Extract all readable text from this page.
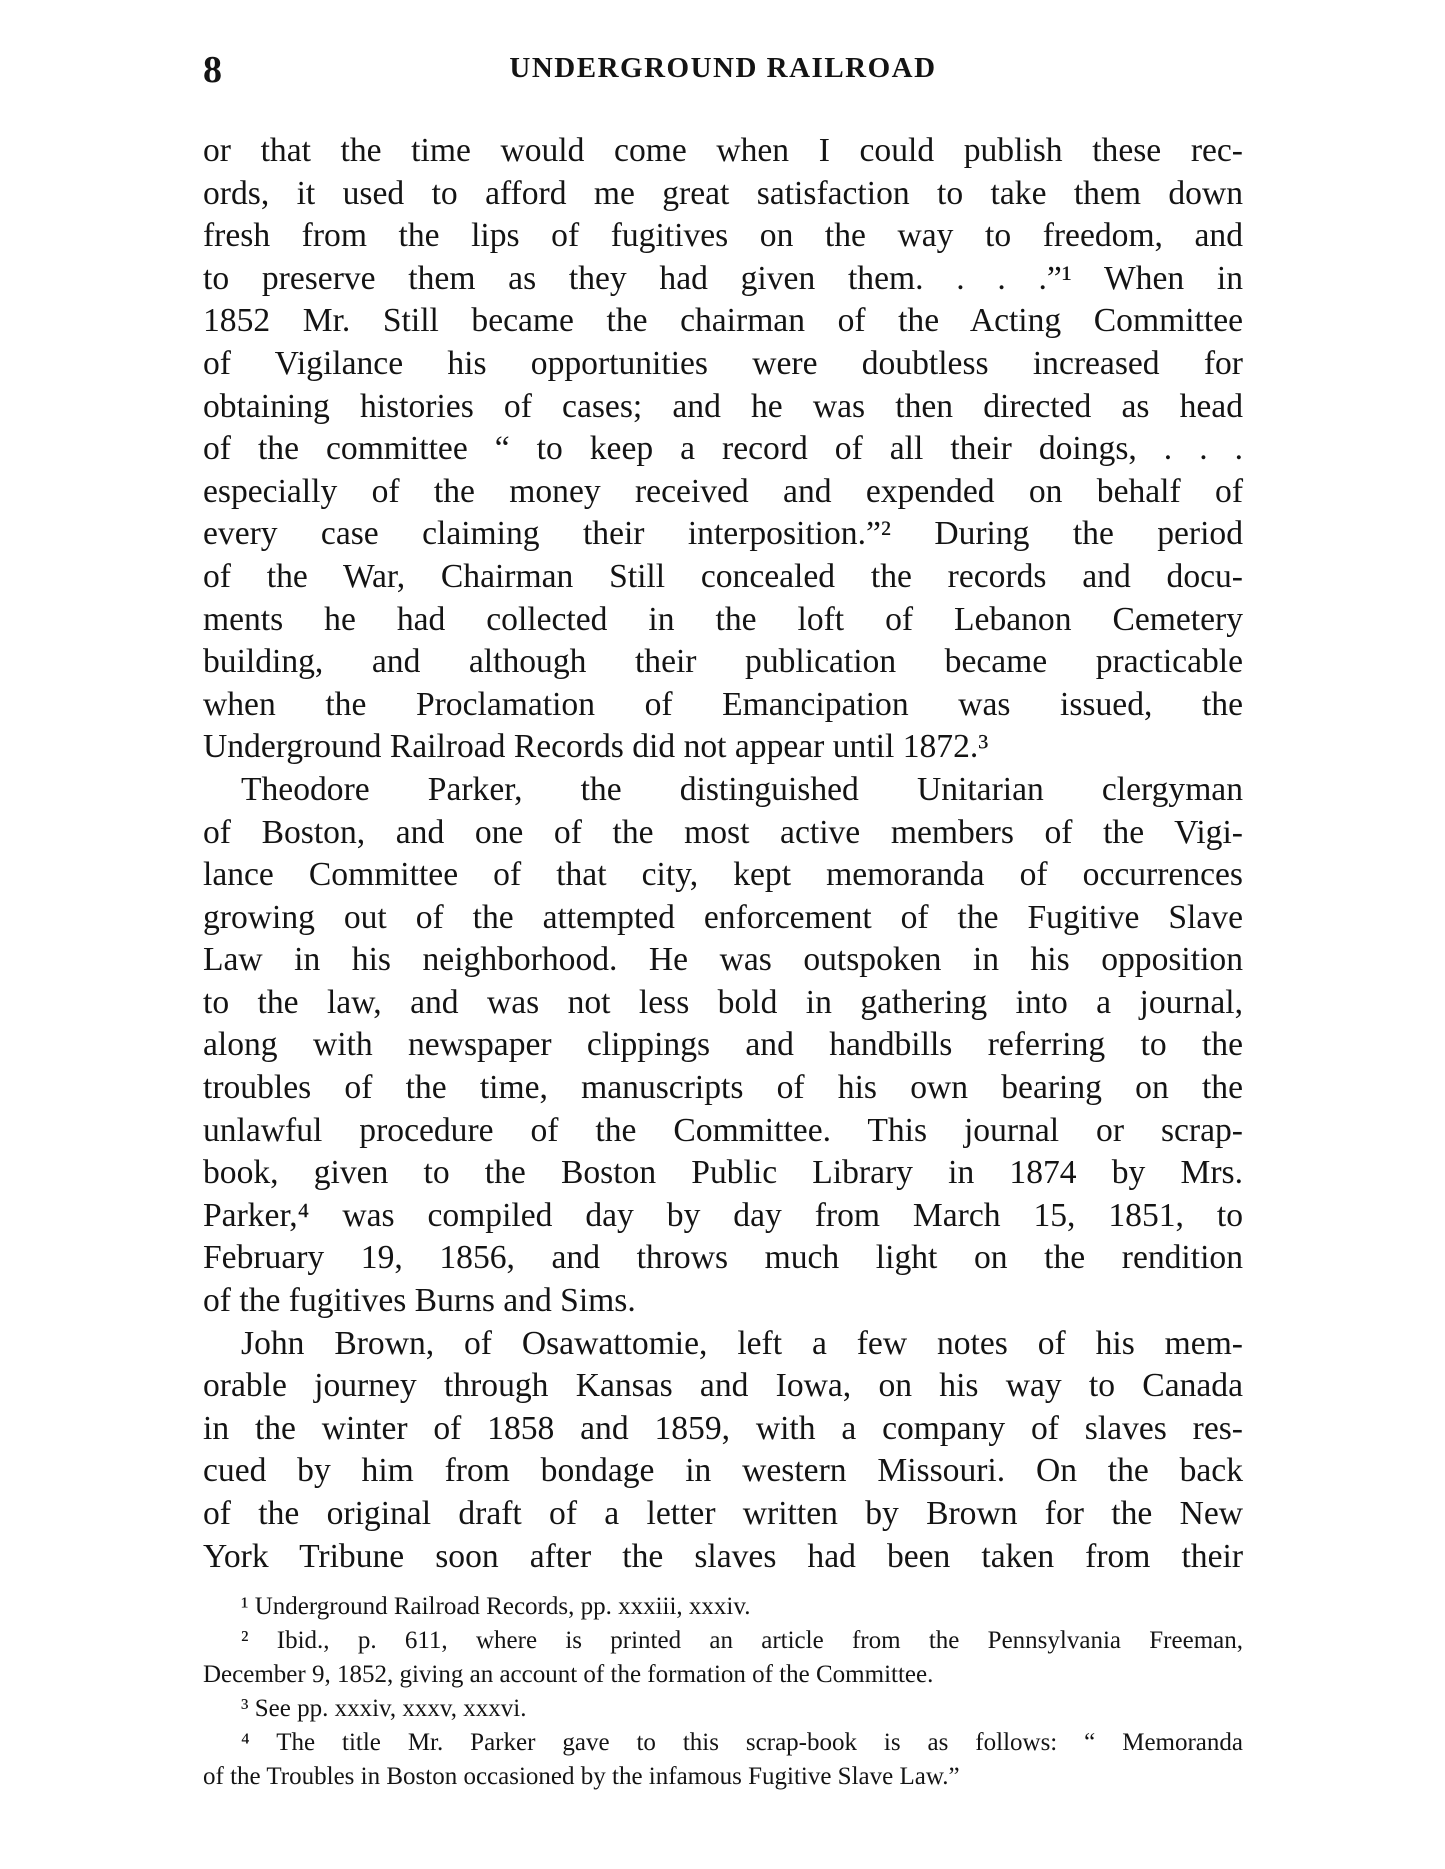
8	UNDERGROUND RAILROAD
or that the time would come when I could publish these rec-
ords, it used to afford me great satisfaction to take them down
fresh from the lips of fugitives on the way to freedom, and
to preserve them as they had given them. . . .”¹ When in
1852 Mr. Still became the chairman of the Acting Committee
of Vigilance his opportunities were doubtless increased for
obtaining histories of cases; and he was then directed as head
of the committee “ to keep a record of all their doings, . . .
especially of the money received and expended on behalf of
every case claiming their interposition.”² During the period
of the War, Chairman Still concealed the records and docu-
ments he had collected in the loft of Lebanon Cemetery
building, and although their publication became practicable
when the Proclamation of Emancipation was issued, the
Underground Railroad Records did not appear until 1872.³
Theodore Parker, the distinguished Unitarian clergyman
of Boston, and one of the most active members of the Vigi-
lance Committee of that city, kept memoranda of occurrences
growing out of the attempted enforcement of the Fugitive Slave
Law in his neighborhood. He was outspoken in his opposition
to the law, and was not less bold in gathering into a journal,
along with newspaper clippings and handbills referring to the
troubles of the time, manuscripts of his own bearing on the
unlawful procedure of the Committee. This journal or scrap-
book, given to the Boston Public Library in 1874 by Mrs.
Parker,⁴ was compiled day by day from March 15, 1851, to
February 19, 1856, and throws much light on the rendition
of the fugitives Burns and Sims.
John Brown, of Osawattomie, left a few notes of his mem-
orable journey through Kansas and Iowa, on his way to Canada
in the winter of 1858 and 1859, with a company of slaves res-
cued by him from bondage in western Missouri. On the back
of the original draft of a letter written by Brown for the New
York Tribune soon after the slaves had been taken from their
¹ Underground Railroad Records, pp. xxxiii, xxxiv.
² Ibid., p. 611, where is printed an article from the Pennsylvania Freeman,
December 9, 1852, giving an account of the formation of the Committee.
³ See pp. xxxiv, xxxv, xxxvi.
⁴ The title Mr. Parker gave to this scrap-book is as follows: “ Memoranda
of the Troubles in Boston occasioned by the infamous Fugitive Slave Law.”
